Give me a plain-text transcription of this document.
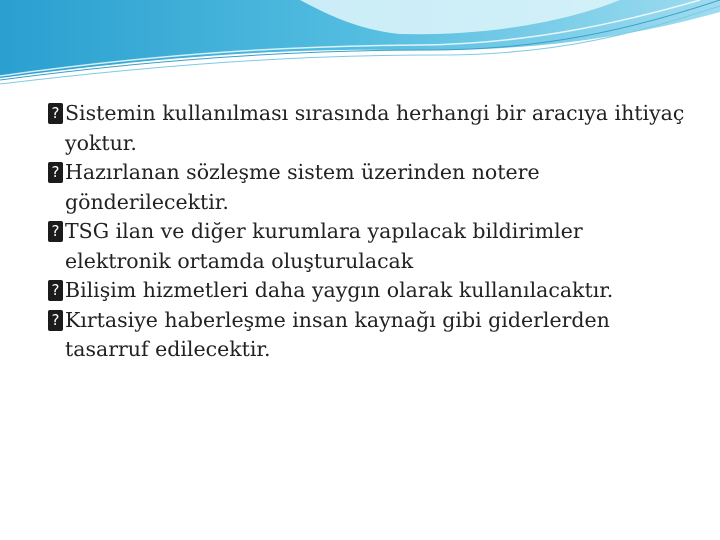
? Sistemin kullanılması sırasında herhangi bir aracıya ihtiyaç yoktur.
? Hazırlanan sözleşme sistem üzerinden notere gönderilecektir.
? TSG ilan ve diğer kurumlara yapılacak bildirimler elektronik ortamda oluşturulacak
? Bilişim hizmetleri daha yaygın olarak kullanılacaktır.
? Kırtasiye haberleşme insan kaynağı gibi giderlerden tasarruf edilecektir.
